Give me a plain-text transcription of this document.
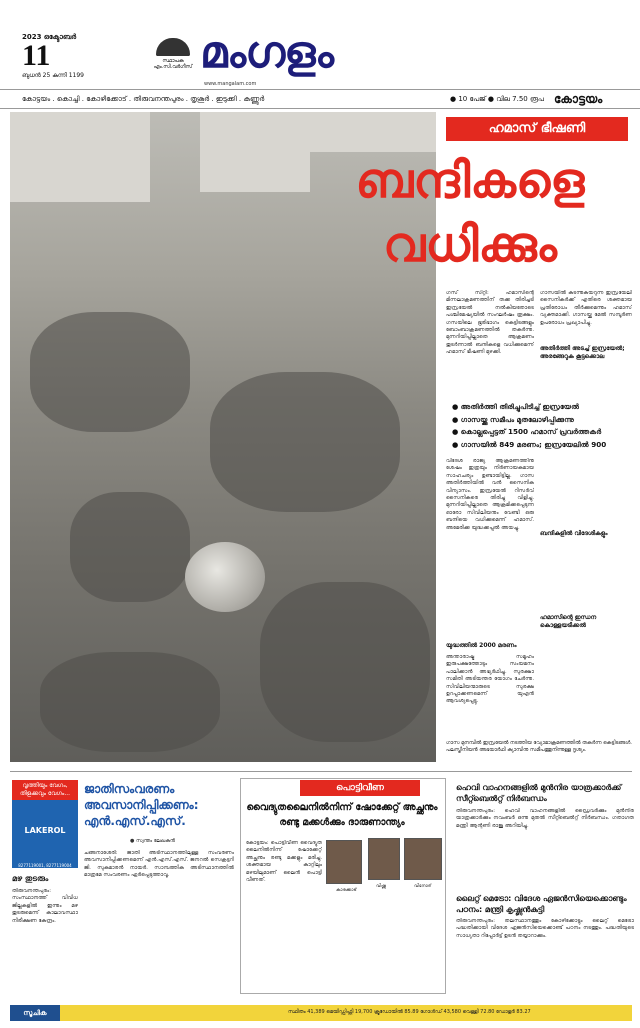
2023 ഒക്ടോബർ
11
ബുധൻ 25 കന്നി 1199
സ്ഥാപക എം.സി.വർഗീസ് മംഗളം
www.mangalam.com
കോട്ടയം . കൊച്ചി . കോഴിക്കോട് . തിരുവനന്തപുരം . തൃശൂർ . ഇടുക്കി . കണ്ണൂർ	● 10 പേജ് ● വില 7.50 രൂപ കോട്ടയം
ഹമാസ് ഭീഷണി
ബന്ദികളെ
വധിക്കും
ഗസ് സിറ്റി: ഹമാസിന്റെ മിന്നലാക്രമണത്തിന് തക്ക തിരിച്ചടി ഇസ്രയേൽ നൽകിയതോടെ പശ്ചിമേഷ്യയിൽ സംഘർഷം രൂക്ഷം. ഗസയിലെ ഭൂരിഭാഗം കെട്ടിടങ്ങളും ബോംബാക്രമണത്തിൽ തകർന്നു. മുന്നറിയിപ്പില്ലാതെ ആക്രമണം തുടർന്നാൽ ബന്ദികളെ വധിക്കുമെന്ന് ഹമാസ് ഭീഷണി മുഴക്കി.
ഗാസയിൽ കടന്നുകയറുന്ന ഇസ്രയേലി സൈനികർക്ക് എതിരെ ശക്തമായ പ്രതിരോധം തീർക്കുമെന്നും ഹമാസ് വ്യക്തമാക്കി. ഗാസയ്ക്കു മേൽ സമ്പൂർണ ഉപരോധം പ്രഖ്യാപിച്ചു.
അതിർത്തി അടച്ച് ഇസ്രയേൽ; അരങ്ങേറുക കൂട്ടക്കൊല
● അതിർത്തി തിരിച്ചുപിടിച്ച് ഇസ്രയേൽ
● ഗാസയ്ക്കു സമീപം മുതലോഴിപ്പിക്കുന്നു
● കൊല്ലപ്പെട്ടത് 1500 ഹമാസ് പ്രവർത്തകർ
● ഗാസയിൽ 849 മരണം; ഇസ്രയേലിൽ 900
വിദേശ രാജ്യ ആക്രമണത്തിനു ശേഷം ഇത്രയും നിർണായകമായ സാഹചര്യം ഉണ്ടായിട്ടില്ല. ഗാസ അതിർത്തിയിൽ വൻ സൈനിക വിന്യാസം. ഇസ്രയേൽ റിസർവ് സൈനികരെ തിരിച്ചു വിളിച്ചു. മുന്നറിയിപ്പില്ലാതെ ആക്രമിക്കപ്പെടുന്ന ഓരോ സിവിലിയനും വേണ്ടി ഒരു ബന്ദിയെ വധിക്കുമെന്ന് ഹമാസ്. അമേരിക്ക യുദ്ധക്കപ്പൽ അയച്ചു.
യുദ്ധത്തിൽ 2000 മരണം
അന്താരാഷ്ട്ര സമൂഹം ഇരുപക്ഷത്തോടും സംയമനം പാലിക്കാൻ അഭ്യർഥിച്ചു. സുരക്ഷാ സമിതി അടിയന്തര യോഗം ചേർന്നു. സിവിലിയന്മാരുടെ സുരക്ഷ ഉറപ്പാക്കണമെന്ന് യുഎൻ ആവശ്യപ്പെട്ടു.
ബന്ദികളിൽ വിദേശികളും
ഹമാസിന്റെ ഇന്ധന കൊള്ളയടിക്കൽ
ഗാസ മുനമ്പിൽ ഇസ്രയേൽ നടത്തിയ വ്യോമാക്രമണത്തിൽ തകർന്ന കെട്ടിടങ്ങൾ. പലസ്തീനിയൻ അഭയാർഥി ക്യാമ്പിനു സമീപത്തുനിന്നുള്ള ദൃശ്യം.
വൃത്തിയും വേഗം, തിളക്കവും വേഗം...
LAKEROL
8277119001, 8277119004
ജാതിസംവരണം അവസാനിപ്പിക്കണം: എൻ.എസ്.എസ്.
● സ്വന്തം ലേഖകൻ
ചങ്ങനാശേരി: ജാതി അടിസ്ഥാനത്തിലുള്ള സംവരണം അവസാനിപ്പിക്കണമെന്ന് എൻ.എസ്.എസ്. ജനറൽ സെക്രട്ടറി ജി. സുകുമാരൻ നായർ. സാമ്പത്തിക അടിസ്ഥാനത്തിൽ മാത്രമേ സംവരണം ഏർപ്പെടുത്താവൂ.
മഴ തുടരും
തിരുവനന്തപുരം: സംസ്ഥാനത്ത് വിവിധ ജില്ലകളിൽ ഇന്നും മഴ തുടരുമെന്ന് കാലാവസ്ഥാ നിരീക്ഷണ കേന്ദ്രം.
പൊട്ടിവീണ
വൈദ്യുതലൈനിൽനിന്ന് ഷോക്കേറ്റ് അച്ഛനും രണ്ടു മക്കൾക്കും ദാരുണാന്ത്യം
കോട്ടയം: പൊട്ടിവീണ വൈദ്യുത ലൈനിൽനിന്ന് ഷോക്കേറ്റ് അച്ഛനും രണ്ടു മക്കളും മരിച്ചു. ശക്തമായ കാറ്റിലും മഴയിലുമാണ് ലൈൻ പൊട്ടി വീണത്.
കാരക്കാട്
വിഷ്ണു	വിനോദ്
ഹെവി വാഹനങ്ങളിൽ മുൻനിര യാത്രക്കാർക്ക് സീറ്റ്ബെൽറ്റ് നിർബന്ധം
തിരുവനന്തപുരം: ഹെവി വാഹനങ്ങളിൽ ഡ്രൈവർക്കും മുൻനിര യാത്രക്കാർക്കും നവംബർ ഒന്നു മുതൽ സീറ്റ്ബെൽറ്റ് നിർബന്ധം. ഗതാഗത മന്ത്രി ആന്റണി രാജു അറിയിച്ചു.
ലൈറ്റ് മെട്രോ: വിദേശ ഏജൻസിയെക്കൊണ്ടും പഠനം: മന്ത്രി കൃഷ്ണൻകുട്ടി
തിരുവനന്തപുരം: തലസ്ഥാനത്തും കോഴിക്കോട്ടും ലൈറ്റ് മെട്രോ പദ്ധതിക്കായി വിദേശ ഏജൻസിയെക്കൊണ്ട് പഠനം നടത്തും. പദ്ധതിയുടെ സാധ്യതാ റിപ്പോർട്ട് ഉടൻ തയ്യാറാക്കും.
സൂചിക	സ്ഥിതം 41,389 മെയിഡ്ഡിഫ്റ്റി 19,700 ക്രൂഡോയിൽ 85.89 ഗോൾഡ് 43,580 വെള്ളി 72.80 ഡോളർ 83.27
